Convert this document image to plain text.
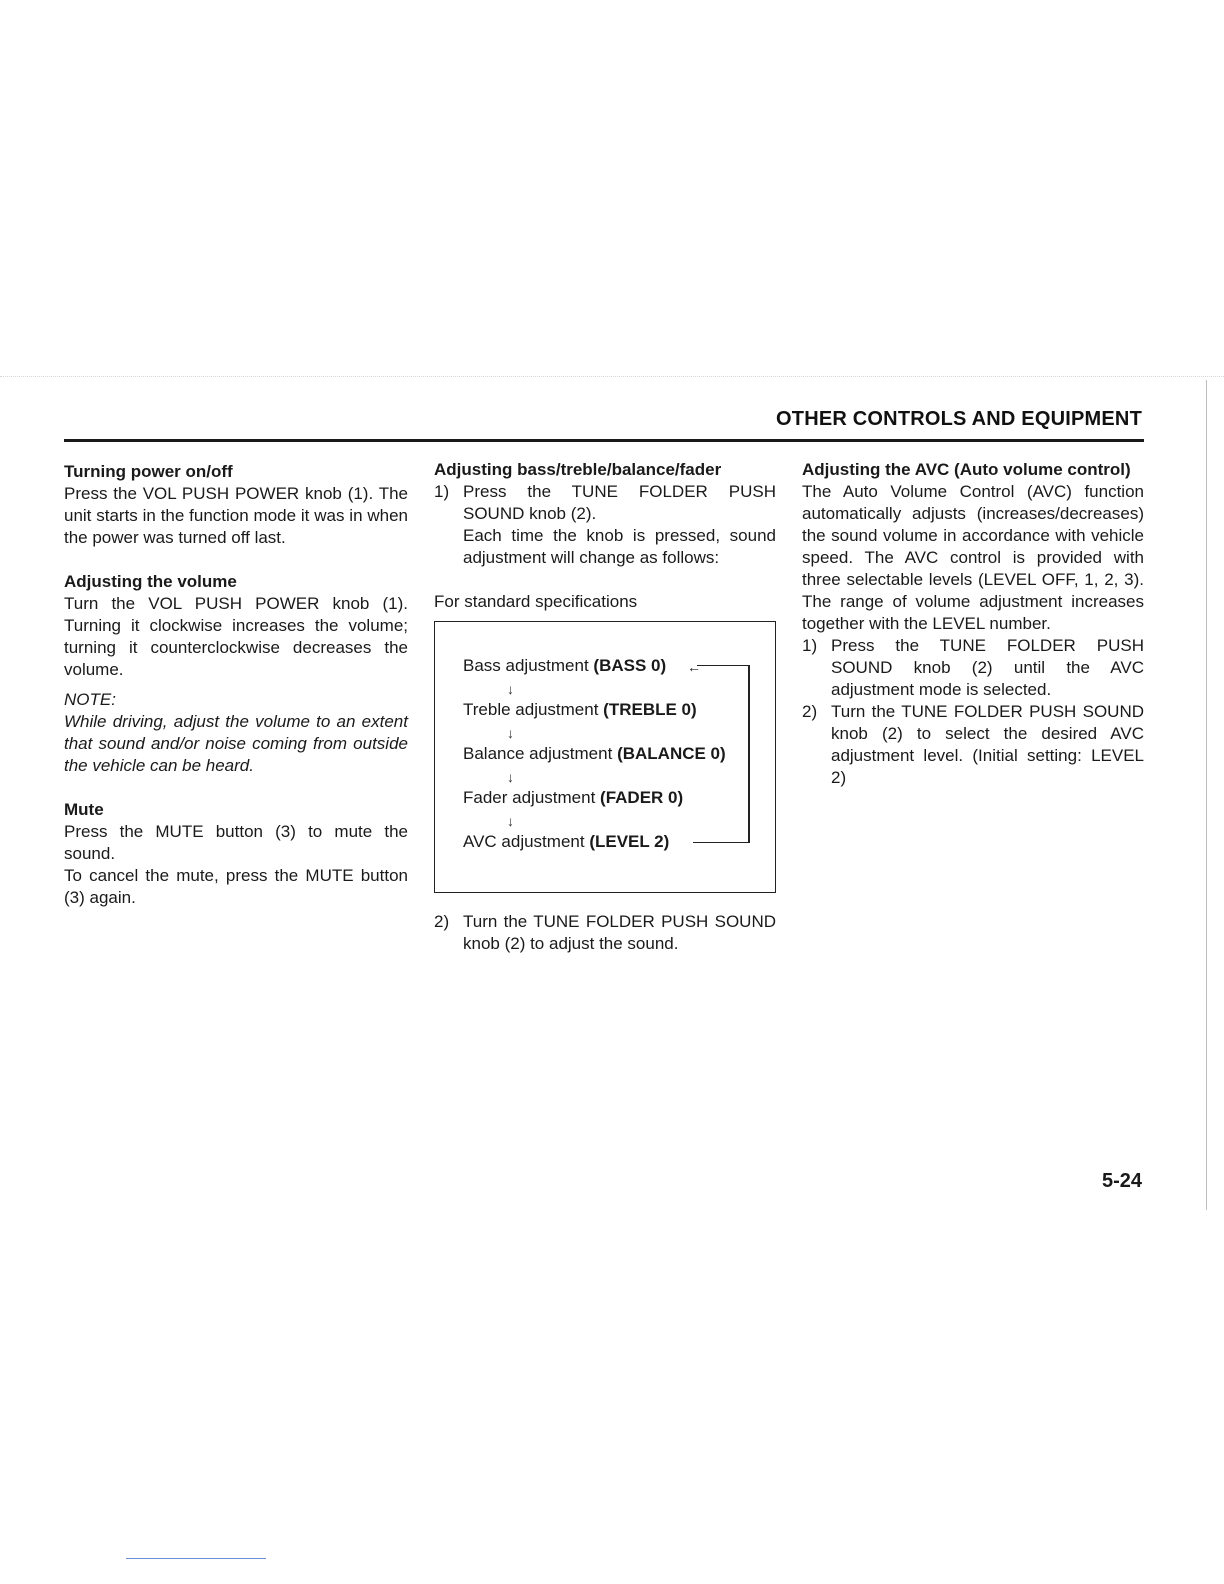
OTHER CONTROLS AND EQUIPMENT
Turning power on/off

Press the VOL PUSH POWER knob (1). The unit starts in the function mode it was in when the power was turned off last.

Adjusting the volume

Turn the VOL PUSH POWER knob (1). Turning it clockwise increases the volume; turning it counterclockwise decreases the volume.

NOTE:

While driving, adjust the volume to an extent that sound and/or noise coming from outside the vehicle can be heard.

Mute

Press the MUTE button (3) to mute the sound.

To cancel the mute, press the MUTE button (3) again.

Adjusting bass/treble/balance/fader
1) Press the TUNE FOLDER PUSH SOUND knob (2).

Each time the knob is pressed, sound adjustment will change as follows:

For standard specifications

Bass adjustment (BASS 0)
↓
Treble adjustment (TREBLE 0)
↓
Balance adjustment (BALANCE 0)
↓
Fader adjustment (FADER 0)
↓
AVC adjustment (LEVEL 2)
←
2) Turn the TUNE FOLDER PUSH SOUND knob (2) to adjust the sound.

Adjusting the AVC (Auto volume control)

The Auto Volume Control (AVC) function automatically adjusts (increases/decreases) the sound volume in accordance with vehicle speed. The AVC control is provided with three selectable levels (LEVEL OFF, 1, 2, 3). The range of volume adjustment increases together with the LEVEL number.

1) Press the TUNE FOLDER PUSH SOUND knob (2) until the AVC adjustment mode is selected.

2) Turn the TUNE FOLDER PUSH SOUND knob (2) to select the desired AVC adjustment level. (Initial setting: LEVEL 2)

5-24
